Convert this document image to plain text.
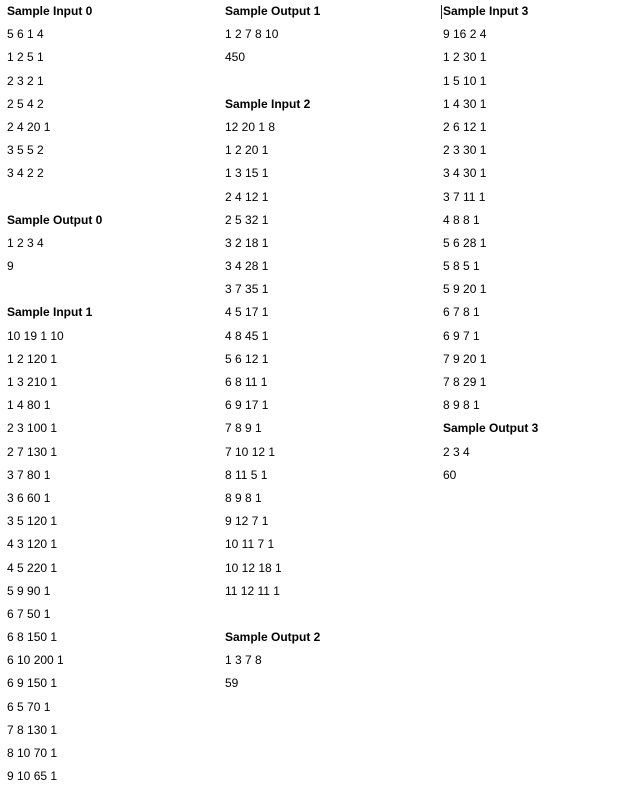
Sample Input 0
5 6 1 4
1 2 5 1
2 3 2 1
2 5 4 2
2 4 20 1
3 5 5 2
3 4 2 2
Sample Output 0
1 2 3 4
9
Sample Input 1
10 19 1 10
1 2 120 1
1 3 210 1
1 4 80 1
2 3 100 1
2 7 130 1
3 7 80 1
3 6 60 1
3 5 120 1
4 3 120 1
4 5 220 1
5 9 90 1
6 7 50 1
6 8 150 1
6 10 200 1
6 9 150 1
6 5 70 1
7 8 130 1
8 10 70 1
9 10 65 1
Sample Output 1
1 2 7 8 10
450
Sample Input 2
12 20 1 8
1 2 20 1
1 3 15 1
2 4 12 1
2 5 32 1
3 2 18 1
3 4 28 1
3 7 35 1
4 5 17 1
4 8 45 1
5 6 12 1
6 8 11 1
6 9 17 1
7 8 9 1
7 10 12 1
8 11 5 1
8 9 8 1
9 12 7 1
10 11 7 1
10 12 18 1
11 12 11 1
Sample Output 2
1 3 7 8
59
Sample Input 3
9 16 2 4
1 2 30 1
1 5 10 1
1 4 30 1
2 6 12 1
2 3 30 1
3 4 30 1
3 7 11 1
4 8 8 1
5 6 28 1
5 8 5 1
5 9 20 1
6 7 8 1
6 9 7 1
7 9 20 1
7 8 29 1
8 9 8 1
Sample Output 3
2 3 4
60
